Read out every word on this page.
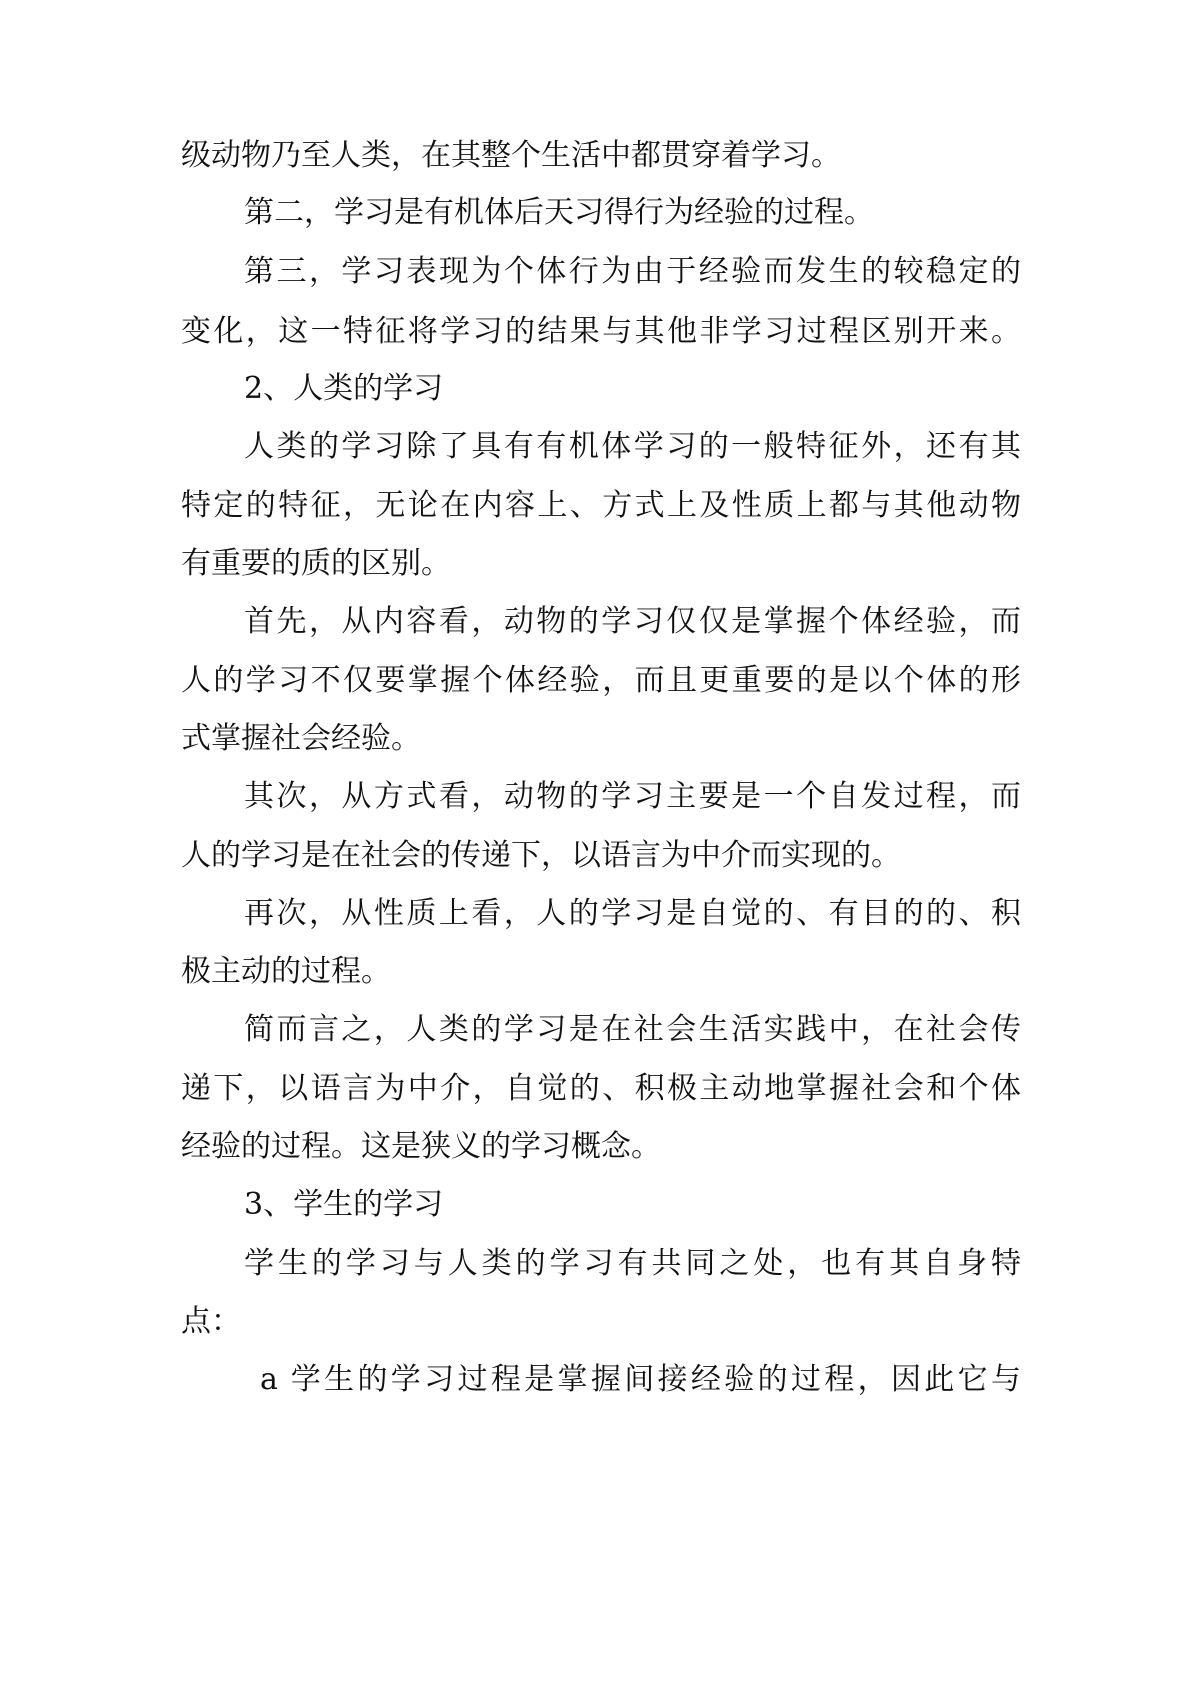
级动物乃至人类，在其整个生活中都贯穿着学习。
第二，学习是有机体后天习得行为经验的过程。
第三，学习表现为个体行为由于经验而发生的较稳定的
变化，这一特征将学习的结果与其他非学习过程区别开来。
2、人类的学习
人类的学习除了具有有机体学习的一般特征外，还有其
特定的特征，无论在内容上、方式上及性质上都与其他动物
有重要的质的区别。
首先，从内容看，动物的学习仅仅是掌握个体经验，而
人的学习不仅要掌握个体经验，而且更重要的是以个体的形
式掌握社会经验。
其次，从方式看，动物的学习主要是一个自发过程，而
人的学习是在社会的传递下，以语言为中介而实现的。
再次，从性质上看，人的学习是自觉的、有目的的、积
极主动的过程。
简而言之，人类的学习是在社会生活实践中，在社会传
递下，以语言为中介，自觉的、积极主动地掌握社会和个体
经验的过程。这是狭义的学习概念。
3、学生的学习
学生的学习与人类的学习有共同之处，也有其自身特
点：
a 学生的学习过程是掌握间接经验的过程，因此它与
